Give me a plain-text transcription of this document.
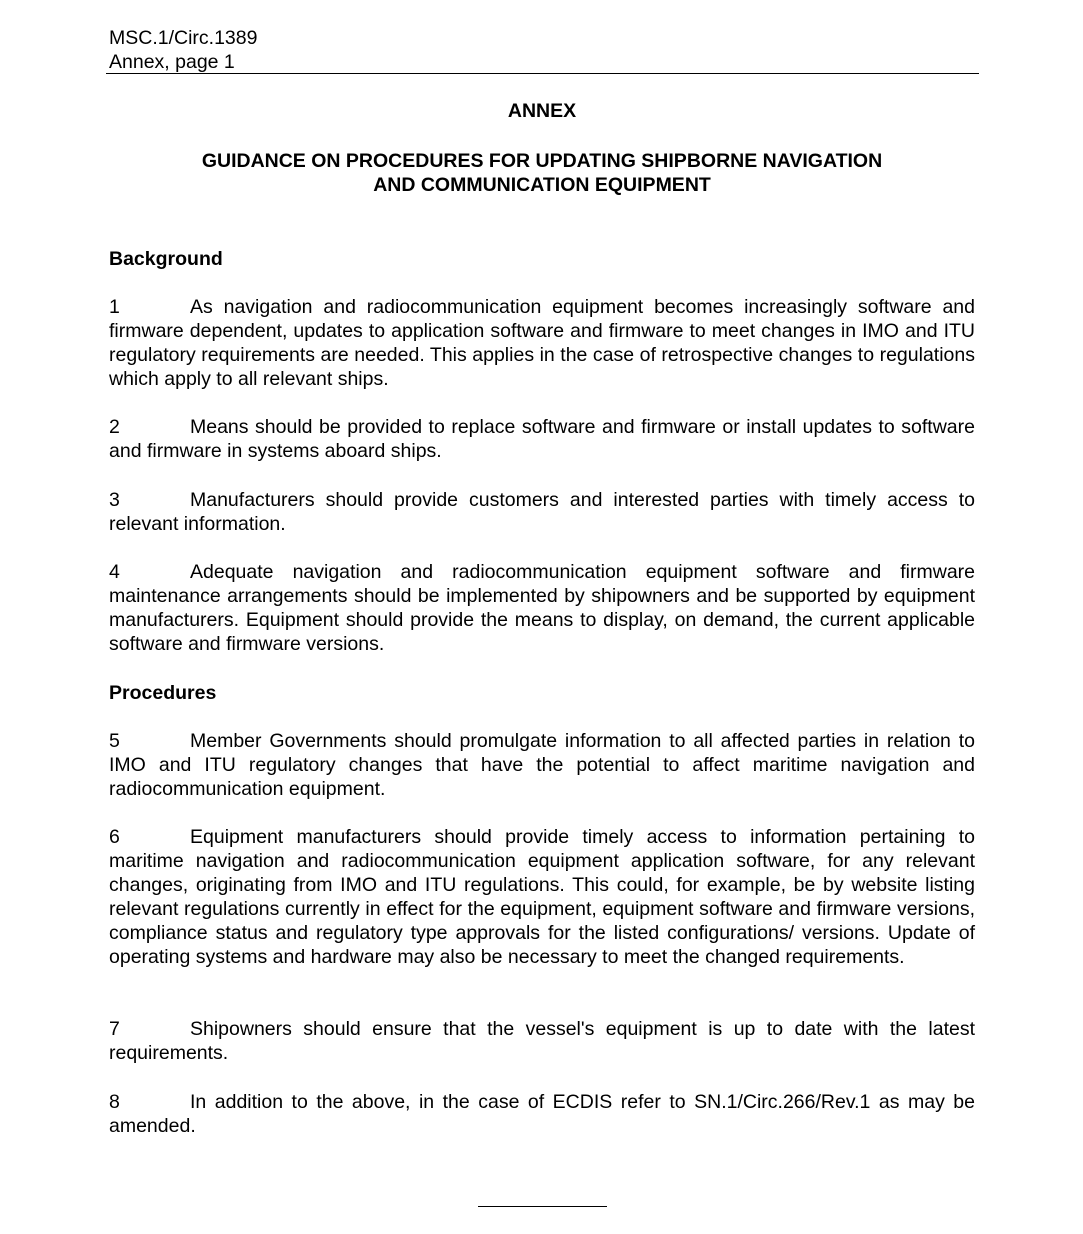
MSC.1/Circ.1389
Annex, page 1
ANNEX
GUIDANCE ON PROCEDURES FOR UPDATING SHIPBORNE NAVIGATION
AND COMMUNICATION EQUIPMENT
Background
1	As navigation and radiocommunication equipment becomes increasingly software and firmware dependent, updates to application software and firmware to meet changes in IMO and ITU regulatory requirements are needed. This applies in the case of retrospective changes to regulations which apply to all relevant ships.
2	Means should be provided to replace software and firmware or install updates to software and firmware in systems aboard ships.
3	Manufacturers should provide customers and interested parties with timely access to relevant information.
4	Adequate navigation and radiocommunication equipment software and firmware maintenance arrangements should be implemented by shipowners and be supported by equipment manufacturers. Equipment should provide the means to display, on demand, the current applicable software and firmware versions.
Procedures
5	Member Governments should promulgate information to all affected parties in relation to IMO and ITU regulatory changes that have the potential to affect maritime navigation and radiocommunication equipment.
6	Equipment manufacturers should provide timely access to information pertaining to maritime navigation and radiocommunication equipment application software, for any relevant changes, originating from IMO and ITU regulations. This could, for example, be by website listing relevant regulations currently in effect for the equipment, equipment software and firmware versions, compliance status and regulatory type approvals for the listed configurations/ versions. Update of operating systems and hardware may also be necessary to meet the changed requirements.
7	Shipowners should ensure that the vessel's equipment is up to date with the latest requirements.
8	In addition to the above, in the case of ECDIS refer to SN.1/Circ.266/Rev.1 as may be amended.
